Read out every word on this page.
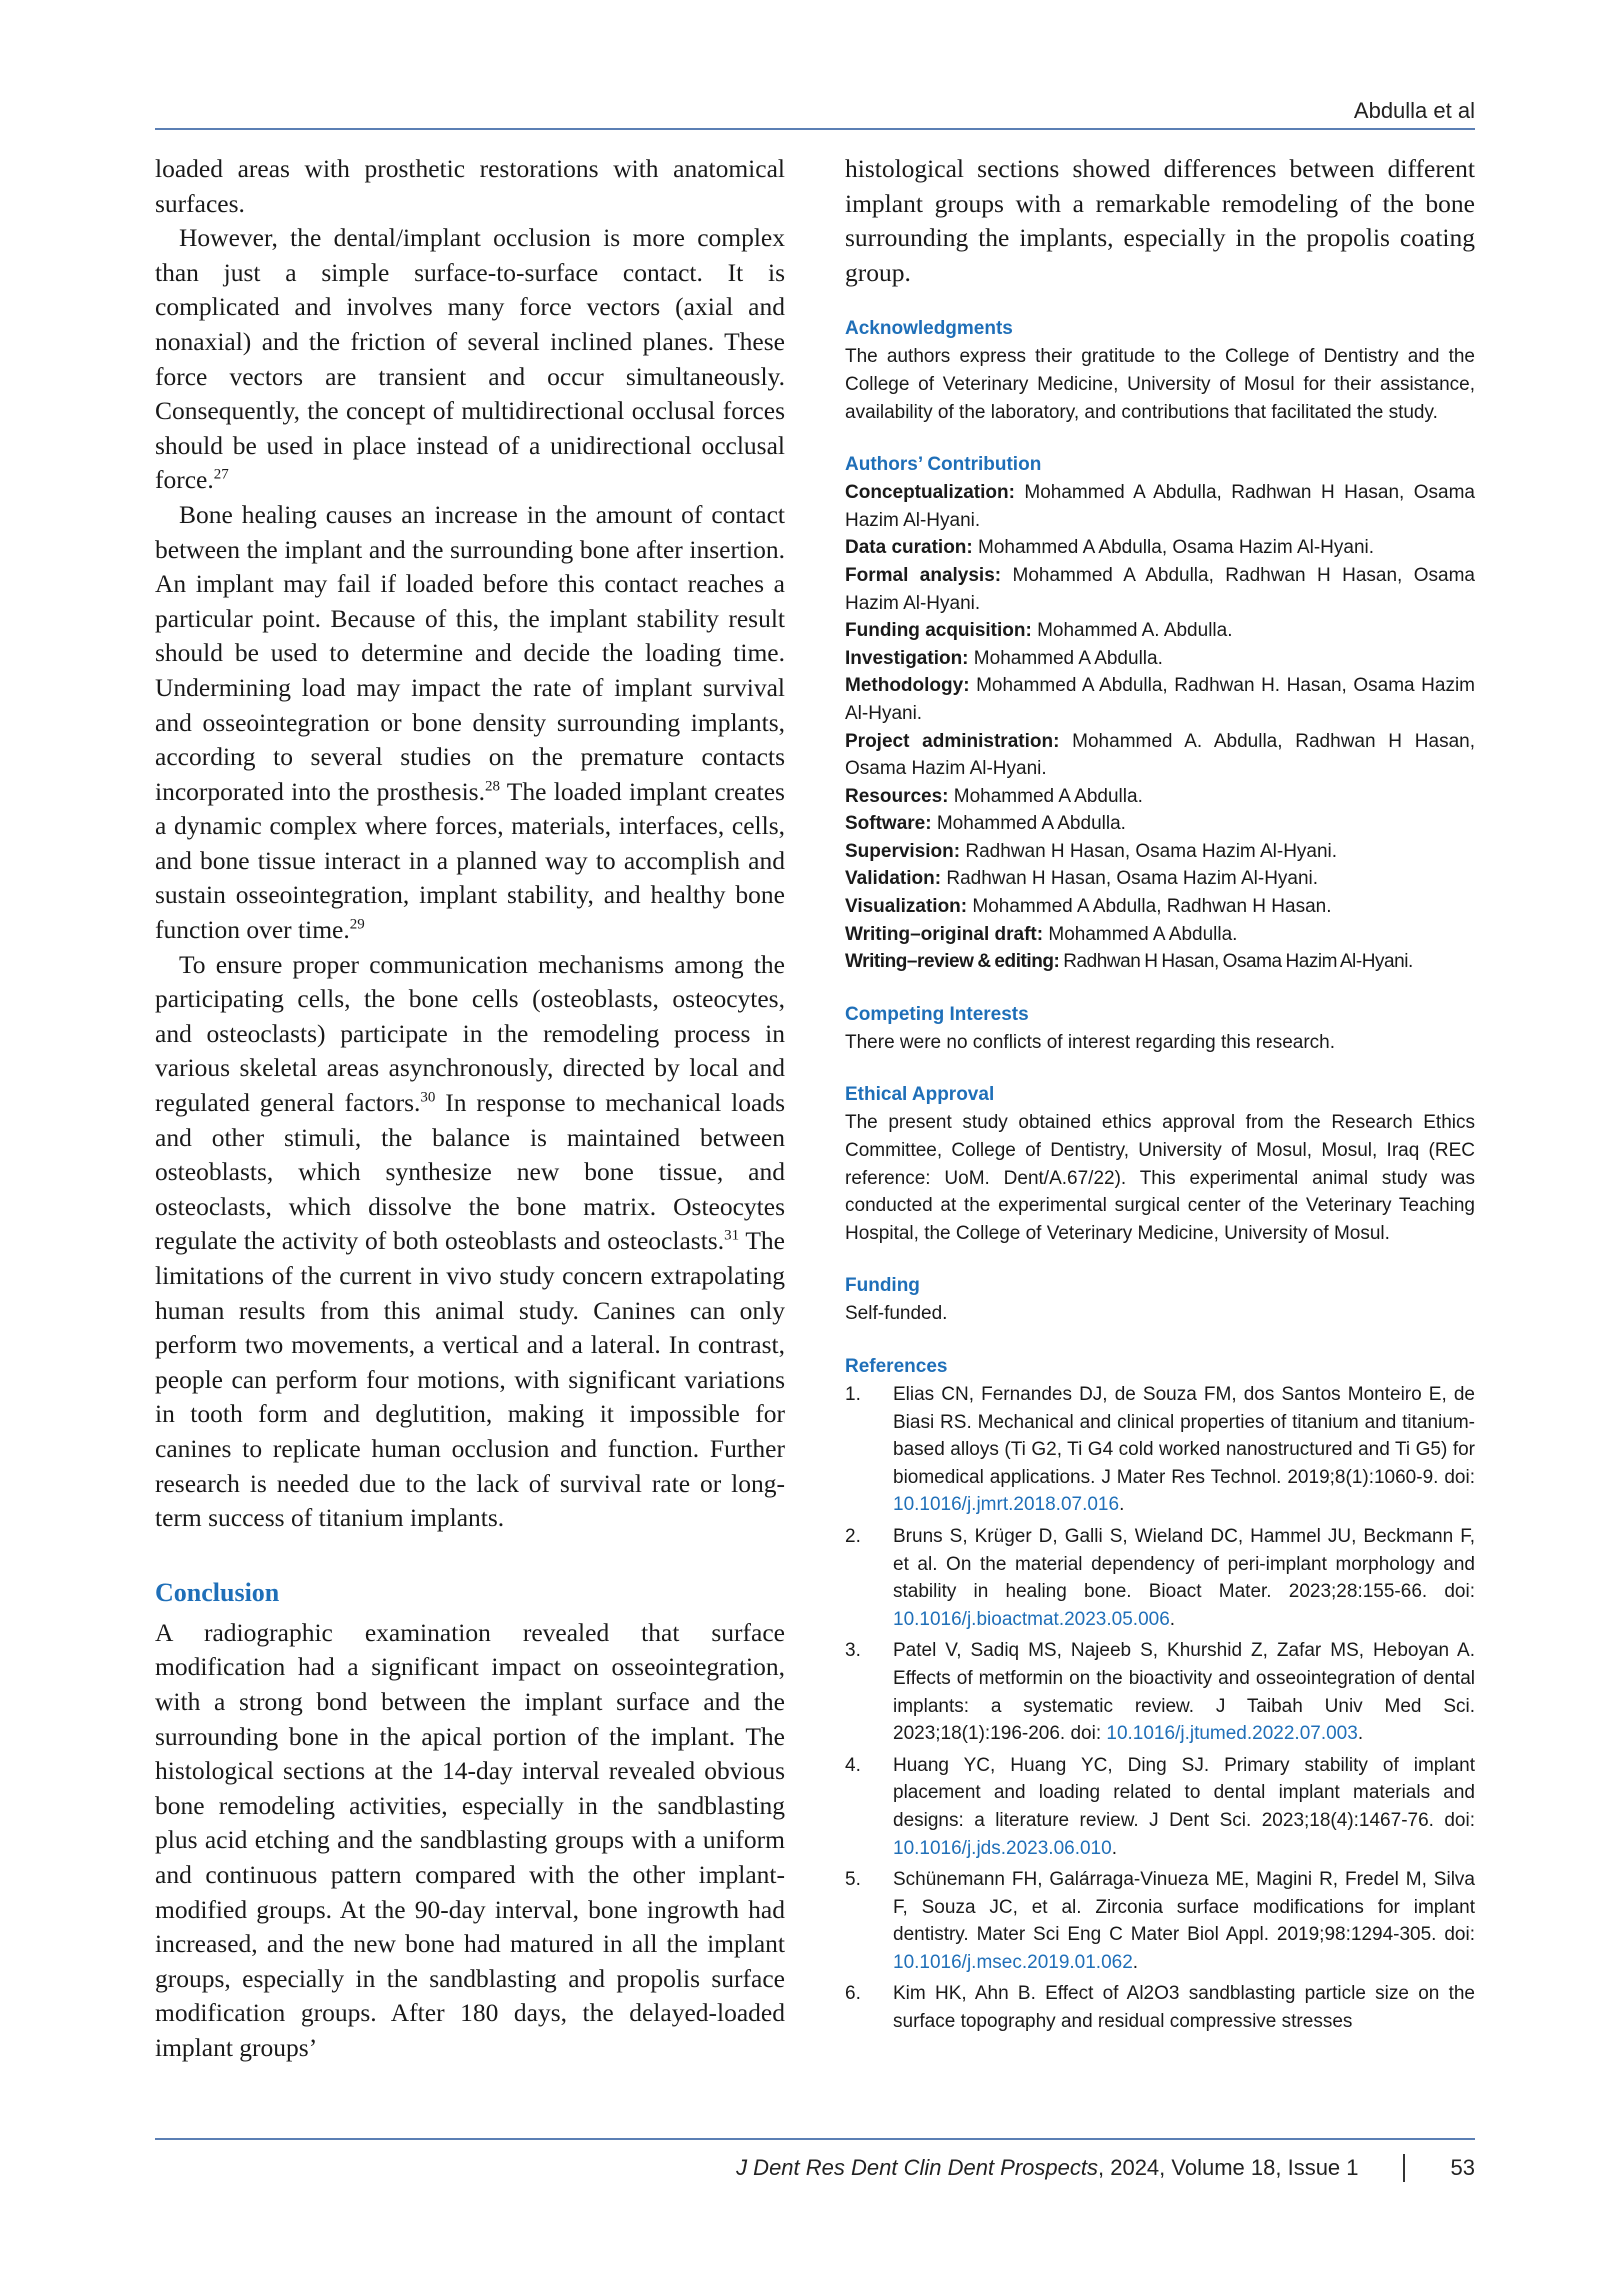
Abdulla et al

loaded areas with prosthetic restorations with anatomical surfaces.

However, the dental/implant occlusion is more complex than just a simple surface-to-surface contact. It is complicated and involves many force vectors (axial and nonaxial) and the friction of several inclined planes. These force vectors are transient and occur simultaneously. Consequently, the concept of multidirectional occlusal forces should be used in place instead of a unidirectional occlusal force.$^{27}$

Bone healing causes an increase in the amount of contact between the implant and the surrounding bone after insertion. An implant may fail if loaded before this contact reaches a particular point. Because of this, the implant stability result should be used to determine and decide the loading time. Undermining load may impact the rate of implant survival and osseointegration or bone density surrounding implants, according to several studies on the premature contacts incorporated into the prosthesis.$^{28}$ The loaded implant creates a dynamic complex where forces, materials, interfaces, cells, and bone tissue interact in a planned way to accomplish and sustain osseointegration, implant stability, and healthy bone function over time.$^{29}$

To ensure proper communication mechanisms among the participating cells, the bone cells (osteoblasts, osteocytes, and osteoclasts) participate in the remodeling process in various skeletal areas asynchronously, directed by local and regulated general factors.$^{30}$ In response to mechanical loads and other stimuli, the balance is maintained between osteoblasts, which synthesize new bone tissue, and osteoclasts, which dissolve the bone matrix. Osteocytes regulate the activity of both osteoblasts and osteoclasts.$^{31}$ The limitations of the current in vivo study concern extrapolating human results from this animal study. Canines can only perform two movements, a vertical and a lateral. In contrast, people can perform four motions, with significant variations in tooth form and deglutition, making it impossible for canines to replicate human occlusion and function. Further research is needed due to the lack of survival rate or long-term success of titanium implants.

Conclusion

A radiographic examination revealed that surface modification had a significant impact on osseointegration, with a strong bond between the implant surface and the surrounding bone in the apical portion of the implant. The histological sections at the 14-day interval revealed obvious bone remodeling activities, especially in the sandblasting plus acid etching and the sandblasting groups with a uniform and continuous pattern compared with the other implant-modified groups. At the 90-day interval, bone ingrowth had increased, and the new bone had matured in all the implant groups, especially in the sandblasting and propolis surface modification groups. After 180 days, the delayed-loaded implant groups’

histological sections showed differences between different implant groups with a remarkable remodeling of the bone surrounding the implants, especially in the propolis coating group.

Acknowledgments

The authors express their gratitude to the College of Dentistry and the College of Veterinary Medicine, University of Mosul for their assistance, availability of the laboratory, and contributions that facilitated the study.

Authors’ Contribution

Conceptualization: Mohammed A Abdulla, Radhwan H Hasan, Osama Hazim Al-Hyani.

Data curation: Mohammed A Abdulla, Osama Hazim Al-Hyani.

Formal analysis: Mohammed A Abdulla, Radhwan H Hasan, Osama Hazim Al-Hyani.

Funding acquisition: Mohammed A. Abdulla.

Investigation: Mohammed A Abdulla.

Methodology: Mohammed A Abdulla, Radhwan H. Hasan, Osama Hazim Al-Hyani.

Project administration: Mohammed A. Abdulla, Radhwan H Hasan, Osama Hazim Al-Hyani.

Resources: Mohammed A Abdulla.

Software: Mohammed A Abdulla.

Supervision: Radhwan H Hasan, Osama Hazim Al-Hyani.

Validation: Radhwan H Hasan, Osama Hazim Al-Hyani.

Visualization: Mohammed A Abdulla, Radhwan H Hasan.

Writing–original draft: Mohammed A Abdulla.

Writing–review & editing: Radhwan H Hasan, Osama Hazim Al-Hyani.

Competing Interests

There were no conflicts of interest regarding this research.

Ethical Approval

The present study obtained ethics approval from the Research Ethics Committee, College of Dentistry, University of Mosul, Mosul, Iraq (REC reference: UoM. Dent/A.67/22). This experimental animal study was conducted at the experimental surgical center of the Veterinary Teaching Hospital, the College of Veterinary Medicine, University of Mosul.

Funding

Self-funded.

References
1. Elias CN, Fernandes DJ, de Souza FM, dos Santos Monteiro E, de Biasi RS. Mechanical and clinical properties of titanium and titanium-based alloys (Ti G2, Ti G4 cold worked nanostructured and Ti G5) for biomedical applications. J Mater Res Technol. 2019;8(1):1060-9. doi: 10.1016/j.jmrt.2018.07.016.
2. Bruns S, Krüger D, Galli S, Wieland DC, Hammel JU, Beckmann F, et al. On the material dependency of peri-implant morphology and stability in healing bone. Bioact Mater. 2023;28:155-66. doi: 10.1016/j.bioactmat.2023.05.006.
3. Patel V, Sadiq MS, Najeeb S, Khurshid Z, Zafar MS, Heboyan A. Effects of metformin on the bioactivity and osseointegration of dental implants: a systematic review. J Taibah Univ Med Sci. 2023;18(1):196-206. doi: 10.1016/j.jtumed.2022.07.003.
4. Huang YC, Huang YC, Ding SJ. Primary stability of implant placement and loading related to dental implant materials and designs: a literature review. J Dent Sci. 2023;18(4):1467-76. doi: 10.1016/j.jds.2023.06.010.
5. Schünemann FH, Galárraga-Vinueza ME, Magini R, Fredel M, Silva F, Souza JC, et al. Zirconia surface modifications for implant dentistry. Mater Sci Eng C Mater Biol Appl. 2019;98:1294-305. doi: 10.1016/j.msec.2019.01.062.
6. Kim HK, Ahn B. Effect of Al2O3 sandblasting particle size on the surface topography and residual compressive stresses
J Dent Res Dent Clin Dent Prospects , 2024, Volume 18, Issue 1	53
